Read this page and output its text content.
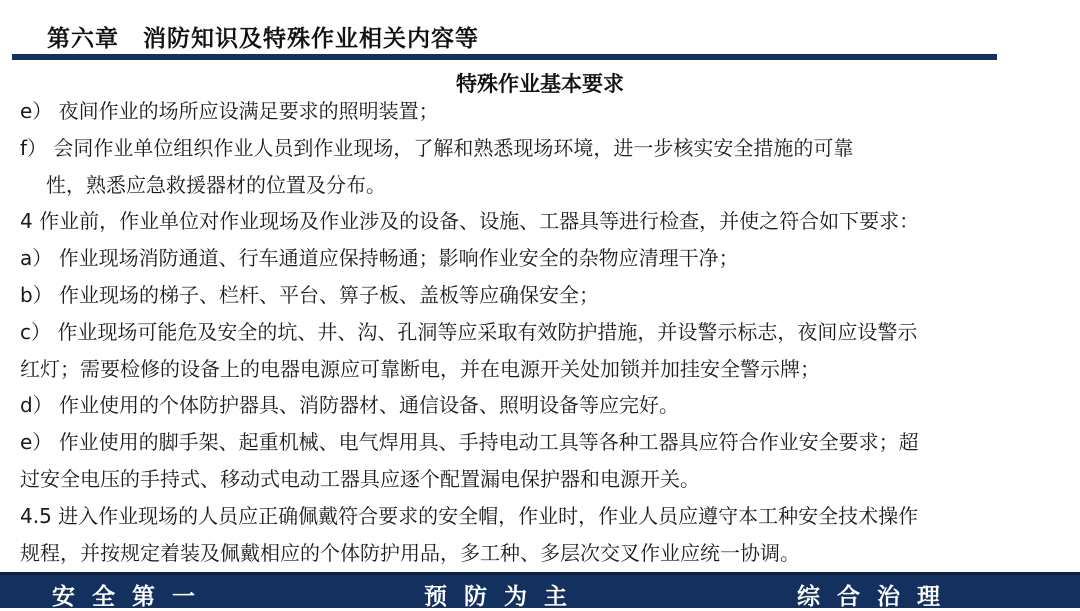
第六章　消防知识及特殊作业相关内容等
特殊作业基本要求
e） 夜间作业的场所应设满足要求的照明装置；
f） 会同作业单位组织作业人员到作业现场，了解和熟悉现场环境，进一步核实安全措施的可靠
性，熟悉应急救援器材的位置及分布。
4 作业前，作业单位对作业现场及作业涉及的设备、设施、工器具等进行检查，并使之符合如下要求：
a） 作业现场消防通道、行车通道应保持畅通；影响作业安全的杂物应清理干净；
b） 作业现场的梯子、栏杆、平台、箅子板、盖板等应确保安全；
c） 作业现场可能危及安全的坑、井、沟、孔洞等应采取有效防护措施，并设警示标志，夜间应设警示
红灯；需要检修的设备上的电器电源应可靠断电，并在电源开关处加锁并加挂安全警示牌；
d） 作业使用的个体防护器具、消防器材、通信设备、照明设备等应完好。
e） 作业使用的脚手架、起重机械、电气焊用具、手持电动工具等各种工器具应符合作业安全要求；超
过安全电压的手持式、移动式电动工器具应逐个配置漏电保护器和电源开关。
4.5 进入作业现场的人员应正确佩戴符合要求的安全帽，作业时，作业人员应遵守本工种安全技术操作
规程，并按规定着装及佩戴相应的个体防护用品，多工种、多层次交叉作业应统一协调。
安全第一	预防为主	综合治理
